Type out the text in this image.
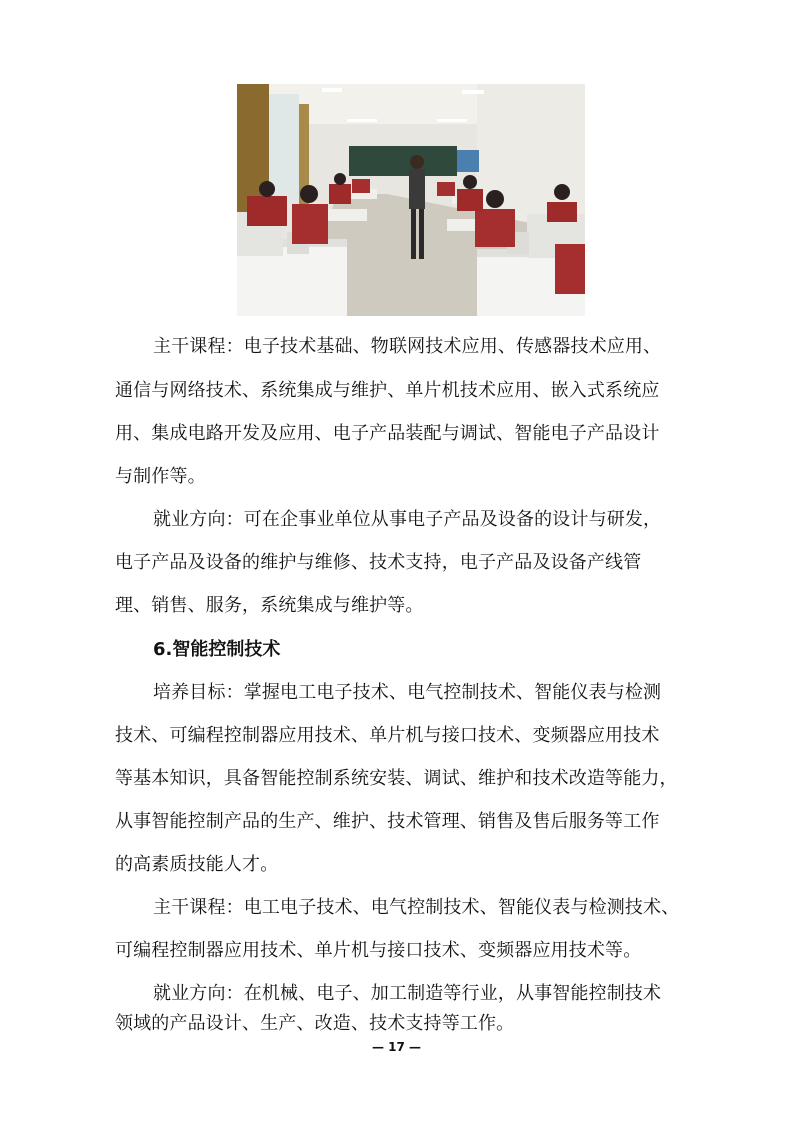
主干课程：电子技术基础、物联网技术应用、传感器技术应用、
通信与网络技术、系统集成与维护、单片机技术应用、嵌入式系统应
用、集成电路开发及应用、电子产品装配与调试、智能电子产品设计
与制作等。
就业方向：可在企事业单位从事电子产品及设备的设计与研发，
电子产品及设备的维护与维修、技术支持，电子产品及设备产线管
理、销售、服务，系统集成与维护等。
6.智能控制技术
培养目标：掌握电工电子技术、电气控制技术、智能仪表与检测
技术、可编程控制器应用技术、单片机与接口技术、变频器应用技术
等基本知识，具备智能控制系统安装、调试、维护和技术改造等能力，
从事智能控制产品的生产、维护、技术管理、销售及售后服务等工作
的高素质技能人才。
主干课程：电工电子技术、电气控制技术、智能仪表与检测技术、
可编程控制器应用技术、单片机与接口技术、变频器应用技术等。
就业方向：在机械、电子、加工制造等行业，从事智能控制技术
领域的产品设计、生产、改造、技术支持等工作。
— 17 —
